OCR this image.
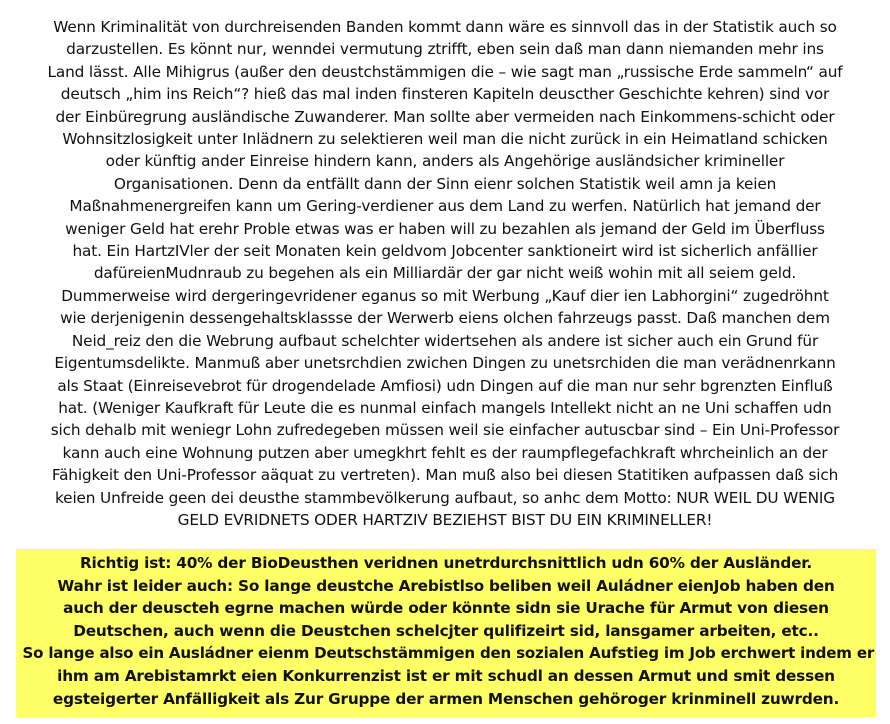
Wenn Kriminalität von durchreisenden Banden kommt dann wäre es sinnvoll das in der Statistik auch so
darzustellen. Es könnt nur, wenndei vermutung ztrifft, eben sein daß man dann niemanden mehr ins
Land lässt. Alle Mihigrus (außer den deustchstämmigen die – wie sagt man „russische Erde sammeln“ auf
deutsch „him ins Reich“? hieß das mal inden finsteren Kapiteln deuscther Geschichte kehren) sind vor
der Einbüregrung ausländische Zuwanderer. Man sollte aber vermeiden nach Einkommens-schicht oder
Wohnsitzlosigkeit unter Inlädnern zu selektieren weil man die nicht zurück in ein Heimatland schicken
oder künftig ander Einreise hindern kann, anders als Angehörige ausländsicher krimineller
Organisationen. Denn da entfällt dann der Sinn eienr solchen Statistik weil amn ja keien
Maßnahmenergreifen kann um Gering-verdiener aus dem Land zu werfen. Natürlich hat jemand der
weniger Geld hat erehr Proble etwas was er haben will zu bezahlen als jemand der Geld im Überfluss
hat. Ein HartzIVler der seit Monaten kein geldvom Jobcenter sanktioneirt wird ist sicherlich anfällier
dafüreienMudnraub zu begehen als ein Milliardär der gar nicht weiß wohin mit all seiem geld.
Dummerweise wird dergeringevridener eganus so mit Werbung „Kauf dier ien Labhorgini“ zugedröhnt
wie derjenigenin dessengehaltsklassse der Werwerb eiens olchen fahrzeugs passt. Daß manchen dem
Neid_reiz den die Webrung aufbaut schelchter widertsehen als andere ist sicher auch ein Grund für
Eigentumsdelikte. Manmuß aber unetsrchdien zwichen Dingen zu unetsrchiden die man verädnenrkann
als Staat (Einreisevebrot für drogendelade Amfiosi) udn Dingen auf die man nur sehr bgrenzten Einfluß
hat. (Weniger Kaufkraft für Leute die es nunmal einfach mangels Intellekt nicht an ne Uni schaffen udn
sich dehalb mit weniegr Lohn zufredegeben müssen weil sie einfacher autuscbar sind – Ein Uni-Professor
kann auch eine Wohnung putzen aber umegkhrt fehlt es der raumpflegefachkraft whrcheinlich an der
Fähigkeit den Uni-Professor aäquat zu vertreten). Man muß also bei diesen Statitiken aufpassen daß sich
keien Unfreide geen dei deusthe stammbevölkerung aufbaut, so anhc dem Motto: NUR WEIL DU WENIG
GELD EVRIDNETS ODER HARTZIV BEZIEHST BIST DU EIN KRIMINELLER!
Richtig ist: 40% der BioDeusthen veridnen unetrdurchsnittlich udn 60% der Ausländer.
Wahr ist leider auch: So lange deustche Arebistlso beliben weil Auládner eienJob haben den
auch der deuscteh egrne machen würde oder könnte sidn sie Urache für Armut von diesen
Deutschen, auch wenn die Deustchen schelcjter qulifizeirt sid, lansgamer arbeiten, etc..
So lange also ein Ausládner eienm Deutschstämmigen den sozialen Aufstieg im Job erchwert indem er
ihm am Arebistamrkt eien Konkurrenzist ist er mit schudl an dessen Armut und smit dessen
egsteigerter Anfälligkeit als Zur Gruppe der armen Menschen gehöroger krinminell zuwrden.
